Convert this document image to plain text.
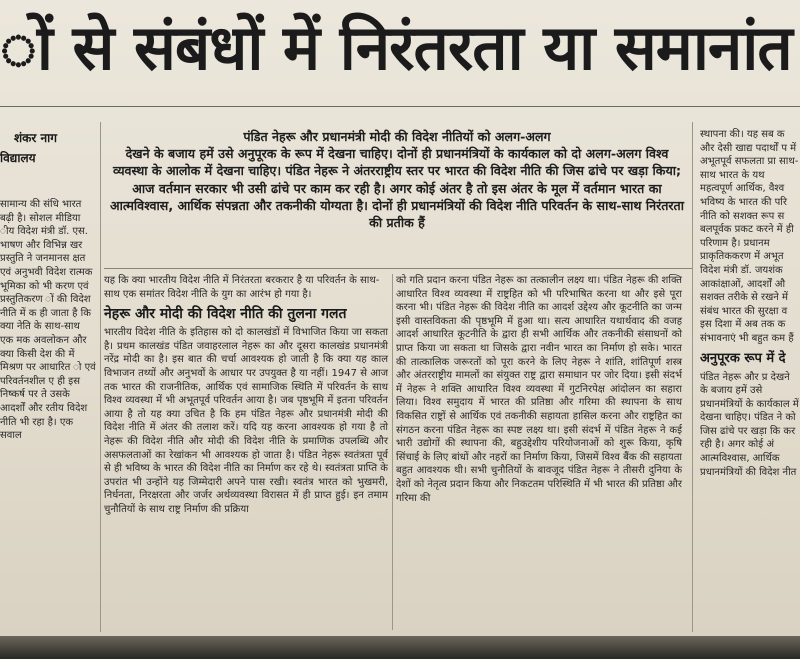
ों से संबंधों में निरंतरता या समानांत
शंकर नाग
विद्यालय

सामान्य की संधि भारत बढ़ी है। सोशल मीडिया ीय विदेश मंत्री डॉ. एस. भाषण और विभिन्न खर प्रस्तुति ने जनमानस क्षत एवं अनुभवी विदेश रात्मक भूमिका को भी करण एवं प्रस्तुतिकरण ों की विदेश नीति में क ही जाता है कि क्या नेति के साथ-साथ एक मक अवलोकन और क्या किसी देश की में मिश्रण पर आधारित ो एवं परिवर्तनशील ए ही इस निष्कर्ष पर ते उसके आदर्शों और रतीय विदेश नीति भी रहा है। एक सवाल

पंडित नेहरू और प्रधानमंत्री मोदी की विदेश नीतियों को अलग-अलग
देखने के बजाय हमें उसे अनुपूरक के रूप में देखना चाहिए। दोनों ही प्रधानमंत्रियों के कार्यकाल को दो अलग-अलग विश्व व्यवस्था के आलोक में देखना चाहिए। पंडित नेहरू ने अंतरराष्ट्रीय स्तर पर भारत की विदेश नीति की जिस ढांचे पर खड़ा किया; आज वर्तमान सरकार भी उसी ढांचे पर काम कर रही है। अगर कोई अंतर है तो इस अंतर के मूल में वर्तमान भारत का आत्मविश्वास, आर्थिक संपन्नता और तकनीकी योग्यता है। दोनों ही प्रधानमंत्रियों की विदेश नीति परिवर्तन के साथ-साथ निरंतरता की प्रतीक हैं

यह कि क्या भारतीय विदेश नीति में निरंतरता बरकरार है या परिवर्तन के साथ-साथ एक समांतर विदेश नीति के युग का आरंभ हो गया है।

नेहरू और मोदी की विदेश नीति की तुलना गलत

भारतीय विदेश नीति के इतिहास को दो कालखंडों में विभाजित किया जा सकता है। प्रथम कालखंड पंडित जवाहरलाल नेहरू का और दूसरा कालखंड प्रधानमंत्री नरेंद्र मोदी का है। इस बात की चर्चा आवश्यक हो जाती है कि क्या यह काल विभाजन तथ्यों और अनुभवों के आधार पर उपयुक्त है या नहीं। 1947 से आज तक भारत की राजनीतिक, आर्थिक एवं सामाजिक स्थिति में परिवर्तन के साथ विश्व व्यवस्था में भी अभूतपूर्व परिवर्तन आया है। जब पृष्ठभूमि में इतना परिवर्तन आया है तो यह क्या उचित है कि हम पंडित नेहरू और प्रधानमंत्री मोदी की विदेश नीति में अंतर की तलाश करें। यदि यह करना आवश्यक हो गया है तो नेहरू की विदेश नीति और मोदी की विदेश नीति के प्रमाणिक उपलब्धि और असफलताओं का रेखांकन भी आवश्यक हो जाता है। पंडित नेहरू स्वतंत्रता पूर्व से ही भविष्य के भारत की विदेश नीति का निर्माण कर रहे थे। स्वतंत्रता प्राप्ति के उपरांत भी उन्होंने यह जिम्मेदारी अपने पास रखी। स्वतंत्र भारत को भुखमरी, निर्धनता, निरक्षरता और जर्जर अर्थव्यवस्था विरासत में ही प्राप्त हुई। इन तमाम चुनौतियों के साथ राष्ट्र निर्माण की प्रक्रिया

को गति प्रदान करना पंडित नेहरू का तत्कालीन लक्ष्य था। पंडित नेहरू की शक्ति आधारित विश्व व्यवस्था में राष्ट्रहित को भी परिभाषित करना था और इसे पूरा करना भी। पंडित नेहरू की विदेश नीति का आदर्श उद्देश्य और कूटनीति का जन्म इसी वास्तविकता की पृष्ठभूमि में हुआ था। सत्य आधारित यथार्थवाद की वजह आदर्श आधारित कूटनीति के द्वारा ही सभी आर्थिक और तकनीकी संसाधनों को प्राप्त किया जा सकता था जिसके द्वारा नवीन भारत का निर्माण हो सके। भारत की तात्कालिक जरूरतों को पूरा करने के लिए नेहरू ने शांति, शांतिपूर्ण शस्त्र और अंतरराष्ट्रीय मामलों का संयुक्त राष्ट्र द्वारा समाधान पर जोर दिया। इसी संदर्भ में नेहरू ने शक्ति आधारित विश्व व्यवस्था में गुटनिरपेक्ष आंदोलन का सहारा लिया। विश्व समुदाय में भारत की प्रतिष्ठा और गरिमा की स्थापना के साथ विकसित राष्ट्रों से आर्थिक एवं तकनीकी सहायता हासिल करना और राष्ट्रहित का संगठन करना पंडित नेहरू का स्पष्ट लक्ष्य था। इसी संदर्भ में पंडित नेहरू ने कई भारी उद्योगों की स्थापना की, बहुउद्देशीय परियोजनाओं को शुरू किया, कृषि सिंचाई के लिए बांधों और नहरों का निर्माण किया, जिसमें विश्व बैंक की सहायता बहुत आवश्यक थी। सभी चुनौतियों के बावजूद पंडित नेहरू ने तीसरी दुनिया के देशों को नेतृत्व प्रदान किया और निकटतम परिस्थिति में भी भारत की प्रतिष्ठा और गरिमा की

स्थापना की। यह सब क और देसी खाद्य पदार्थों प में अभूतपूर्व सफलता प्रा साथ-साथ भारत के यथ महत्वपूर्ण आर्थिक, वैश्व भविष्य के भारत की परि नीति को सशक्त रूप स बलपूर्वक प्रकट करने में ही परिणाम है। प्रधानम प्राकृतिककरण में अभूत विदेश मंत्री डॉ. जयशंक आकांक्षाओं, आदर्शों औ सशक्त तरीके से रखने में संबंध भारत की सुरक्षा व इस दिशा में अब तक क संभावनाएं भी बहुत कम हैं

अनुपूरक रूप में दे

पंडित नेहरू और प्र देखने के बजाय हमें उसे प्रधानमंत्रियों के कार्यकाल में देखना चाहिए। पंडित ने को जिस ढांचे पर खड़ा कि कर रही है। अगर कोई अं आत्मविश्वास, आर्थिक प्रधानमंत्रियों की विदेश नीत
